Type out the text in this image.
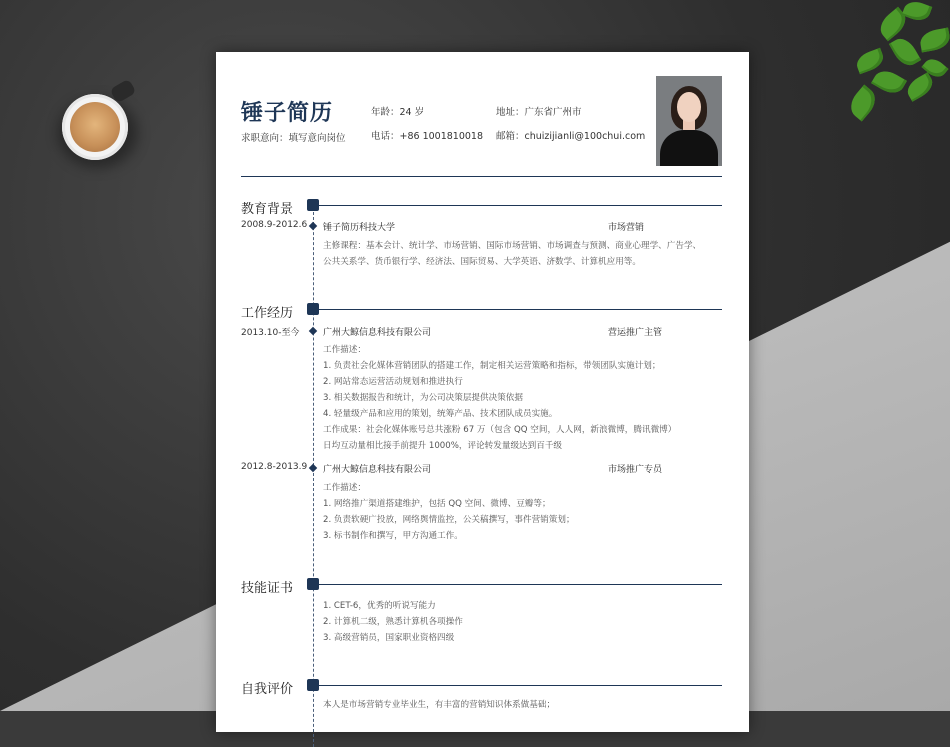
锤子简历
求职意向：填写意向岗位
年龄：24 岁
电话：+86 1001810018
地址：广东省广州市
邮箱：chuizijianli@100chui.com
教育背景
2008.9-2012.6 锤子简历科技大学	市场营销
主修课程：基本会计、统计学、市场营销、国际市场营销、市场调查与预测、商业心理学、广告学、
公共关系学、货币银行学、经济法、国际贸易、大学英语、济数学、计算机应用等。
工作经历
2013.10-至今	广州大鲸信息科技有限公司	营运推广主管
工作描述：
1. 负责社会化媒体营销团队的搭建工作，制定相关运营策略和指标，带领团队实施计划；
2. 网站常态运营活动规划和推进执行
3. 相关数据报告和统计，为公司决策层提供决策依据
4. 轻量级产品和应用的策划，统筹产品、技术团队成员实施。
工作成果：社会化媒体账号总共涨粉 67 万（包含 QQ 空间，人人网，新浪微博，腾讯微博）
日均互动量相比接手前提升 1000%，评论转发量级达到百千级
2012.8-2013.9 广州大鲸信息科技有限公司	市场推广专员
工作描述：
1. 网络推广渠道搭建维护，包括 QQ 空间、微博、豆瓣等；
2. 负责软硬广投放，网络舆情监控，公关稿撰写，事件营销策划；
3. 标书制作和撰写，甲方沟通工作。
技能证书
1. CET-6，优秀的听说写能力
2. 计算机二级，熟悉计算机各项操作
3. 高级营销员，国家职业资格四级
自我评价
本人是市场营销专业毕业生，有丰富的营销知识体系做基础；
